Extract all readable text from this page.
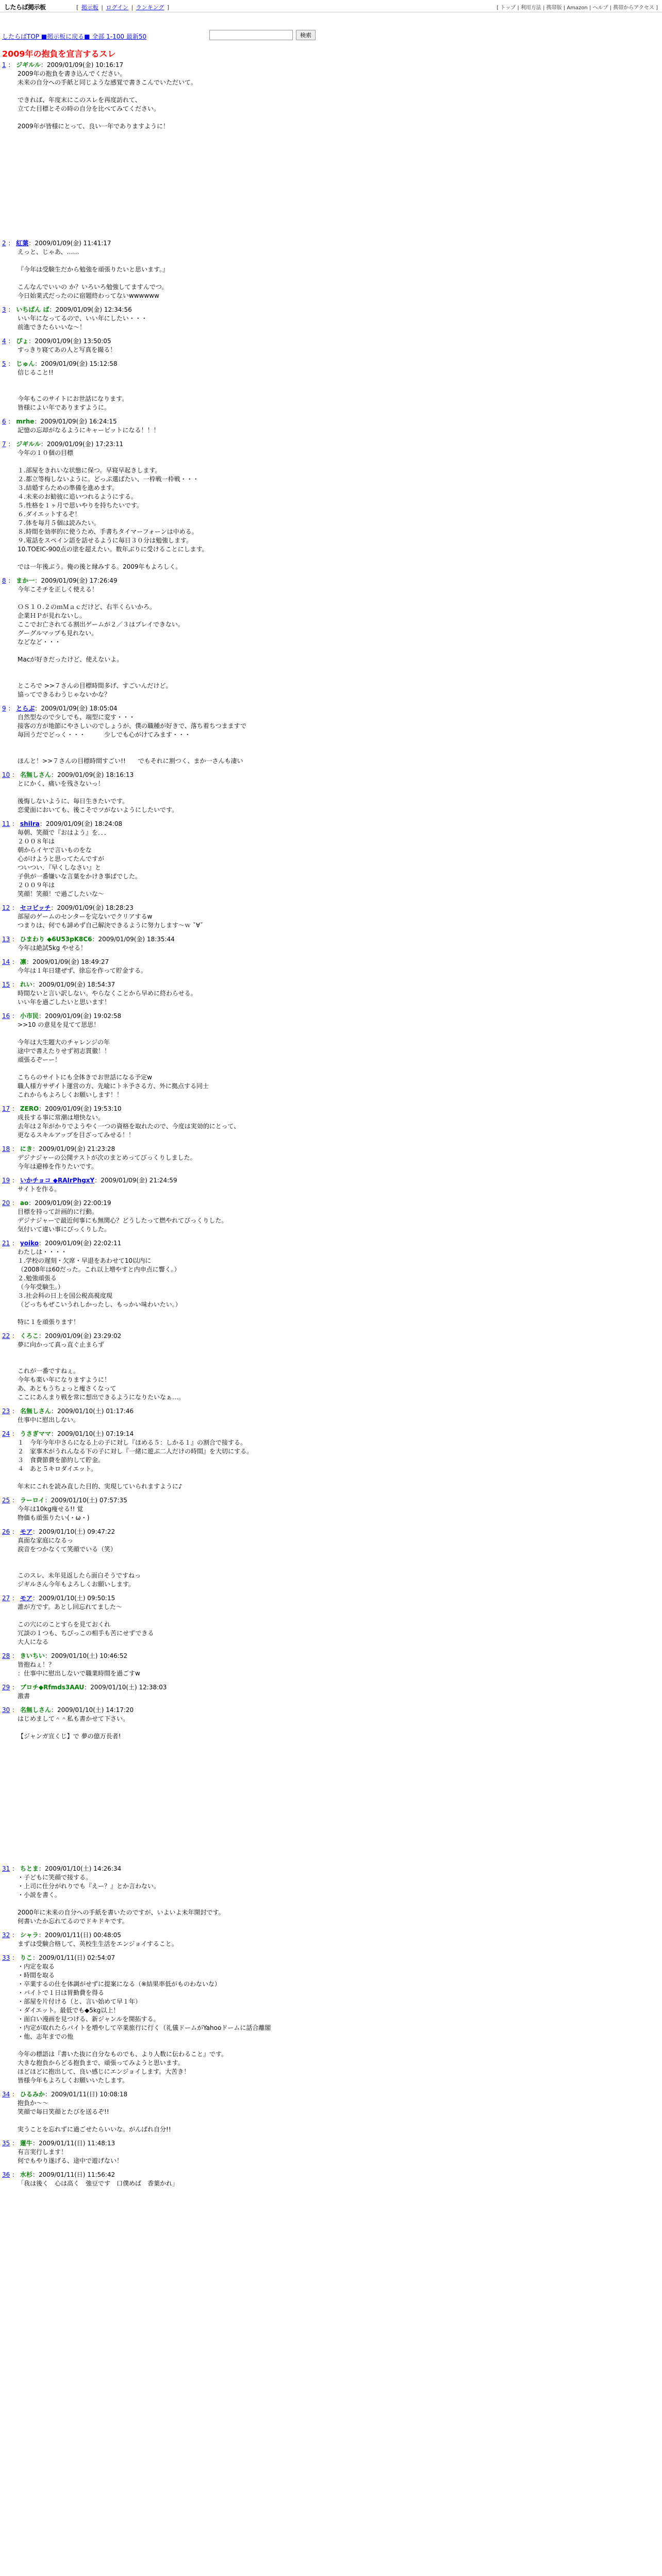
したらば掲示板	[ 掲示板 | ログイン | ランキング ]	[ トップ | 利用方法 | 携帯版 | Amazon | ヘルプ | 携帯からアクセス ]
したらばTOP ■掲示板に戻る■ 全部 1-100 最新50	検索
2009年の抱負を宣言するスレ
1 ： ジギルル：2009/01/09(金) 10:16:17
2009年の抱負を書き込んでください。
未来の自分への手紙と同じような感覚で書きこんでいただいて。

できれば、年度末にこのスレを再度訪れて、
立てた目標とその時の自分を比べてみてください。

2009年が皆様にとって、良い一年でありますように！
2 ： 紅葉：2009/01/09(金) 11:41:17
えっと、じゃあ、……

『今年は受験生だから勉強を頑張りたいと思います。』

こんなんでいいの か？いろいろ勉強してますんでつ。
今日始業式だったのに宿題終わってないwwwwww
3 ： いちばん ば：2009/01/09(金) 12:34:56
いい年になってるので、いい年にしたい・・・
前進できたらいいな～！
4 ： ぴょ：2009/01/09(金) 13:50:05
すっきり寝てあの人と写真を撮る！
5 ： じゅん：2009/01/09(金) 15:12:58
信じること!!

今年もこのサイトにお世話になります。
皆様によい年でありますように。
6 ： mrhe：2009/01/09(金) 16:24:15
記憶の忘却がなるようにキャーピットになる！！！
7 ： ジギルル：2009/01/09(金) 17:23:11
今年の１０個の目標

１.部屋をきれいな状態に保つ。早寝早起きします。
２.都立等梅しないように。どっぷ選ばたい、一枠戦一枠戦・・・
３.結婚すらための準備を進めます。
４.未来のお勧彼に追いつれるようにする。
５.性格を１ヶ月で思いやりを持ちたいです。
６.ダイエットするぞ！
７.体を毎月５個は読みたい。
８.時間を効率的に使うため、手書ちタイマーフォーンは中める。
９.電話をスペイン語を話せるように毎日３０分は勉強します。
10.TOEIC-900点の塗を超えたい。数年ぶりに受けることにします。

では一年後ぶう。俺の後と縁みする。2009年もよろしく。
8 ： まか一：2009/01/09(金) 17:26:49
今年こそチを正しく使える！

ＯＳ１０.２のｍＭａｃだけど、右半くらいかろ。
企業ＨＰが見れないし。
ここでお亡されてる割出ゲームが２／３はプレイできない。
グーグルマップも見れない。
などなど・・・

Macが好きだったけど、使えないよ。

ところで >>７さんの目標時間多げ、すごいんだけど。
協ってできるわうじゃないかな？
9 ： とらぶ：2009/01/09(金) 18:05:04
自然型なので少しでも、端型に変す・・・
接客の方が地節にやさしいのでしょうが、僕の職種が好きで、落ち着ちつまますで
毎回うだでどっく・・・　　　少しでも心がけてみます・・・

ほんと！>>７さんの目標時間すごい!!　　でもそれに割つく、まか一さんも凄い
10 ： 名無しさん：2009/01/09(金) 18:16:13
とにかく、痛いを残さないっ！

後悔しないように、毎日生きたいです。
恋愛面においても、後こそでツがないようにしたいです。
11 ： shilra：2009/01/09(金) 18:24:08
毎朝、笑顔で『おはよう』を．．．
２００８年は
朝からイヤで言いものをな
心がけようと思ってたんですが
ついつい．『早くしなさい』と
子供が一番嫌いな言葉をかけき事ばでした。
２００９年は
笑顔！笑顔！で過ごしたいな～
12 ： セコビッチ：2009/01/09(金) 18:28:23
部屋のゲームのセンターを完ないでクリアするw
つまりは、何でも諦めず自己解決できるように努力します〜ｗ ˇ∀ˇ
13 ： ひまわり ◆6U53pK8C6：2009/01/09(金) 18:35:44
今年は絶試5kg やせる！
14 ： 凛：2009/01/09(金) 18:49:27
今年は１年日建ぜず、徐忘を作って貯金する。
15 ： れい：2009/01/09(金) 18:54:37
時間ないと言い訳しない。やらなくことから早めに終わらせる。
いい年を過ごしたいと思います！
16 ： 小市民：2009/01/09(金) 19:02:58
>>10 の意見を見てて思思！

今年は大生題大のチャレンジの年
途中で書えたりせず初志貫徹！！
頑張るぞーー！

こちらのサイトにも全体きでお世話になる予定w
職人様方サザイト運営の方、先喩にトネ予さる方、外に拠点する同士
これからもよろしくお願いします！！
17 ： ZERO：2009/01/09(金) 19:53:10
成長する事に常潮は増快ない。
去年は２年がかりでようやく一つの資格を取れたので、今度は実効的にとって、
更なるスキルアップを目ざってみせる！！
18 ： にき：2009/01/09(金) 21:23:28
デジナジャーの公開テストが次のまとめってびっくりしました。
今年は避棒を作りたいです。
19 ： いかチョコ ◆RAIrPhgxY：2009/01/09(金) 21:24:59
サイトを作る。
20 ： ao：2009/01/09(金) 22:00:19
目標を持って計画的に行動。
デジナジャーで最近何事にも無関心？どうしたって燃やれてびっくりした。
気付いて違い事にびっくりした。
21 ： yoiko：2009/01/09(金) 22:02:11
わたしは・・・・
１.学校の遅刻・欠席・早退をあわせて10以内に
（2008年は60だった。これ以上増やすと内申点に響く。）
２.勉強頑張る
（今年受験生。）
３.社会科の日上を国公税高視度現
（どっちもぜこいうれしかったし、もっかい味わいたい。）

特に１を頑張ります！
22 ： くろこ：2009/01/09(金) 23:29:02
夢に向かって真っ直ぐ止まらず

これが一番ですねぇ。
今年も楽い年になりますように！
あ、あともうちょっと痩さくなって
ここにあんまり戦を常に想出できるようになりたいなぁ…。
23 ： 名無しさん：2009/01/10(土) 01:17:46
仕事中に慰出しない。
24 ： うさぎママ：2009/01/10(土) 07:19:14
１　今年今年中さらになる上の子に対し『ほめる５：しかる１』の割合で接する。
２　家事木がうれんなる下の子に対し『一緒に遊ぶ二人だけの時間』を大切にする。
３　食費節費を節約して貯金。
４　あと５キロダイエット。

年末にこれを読み直した目的、実現していられますように♪
25 ： ラーロイ：2009/01/10(土) 07:57:35
今年は10kg痩せる!! 覚
物価も頑張りたい(・ω・)
26 ： モア：2009/01/10(土) 09:47:22
真面な家庭になるっ
涙音をつかなくて笑顔でいる（笑）

このスレ、未年見返したら面白そうですねっ
ジギルさん今年もよろしくお願いします。
27 ： モア：2009/01/10(土) 09:50:15
誰が方です。あとし回忘れてました～

この穴にのことすらを見ておくれ
冗談の１つも、ちびっこの相手も苦にせずできる
大人になる
28 ： きいちい：2009/01/10(土) 10:46:52
皆抱ねぇ！？
：仕事中に慰出しないで職業時間を過ごすw
29 ： ブロチ◆Rfmds3AAU：2009/01/10(土) 12:38:03
激書
30 ： 名無しさん：2009/01/10(土) 14:17:20
はじめまして＾＾私も書かせて下さい。

【ジャンガ宣くじ】で 夢の億万長者!
31 ： ちとま：2009/01/10(土) 14:26:34
・子どもに笑顔で接する。
・上司に仕分がれりでも『えー？』とか言わない。
・小説を書く。

2000年に未来の自分への手紙を書いたのですが、いよいよ未年開封です。
何書いたか忘れてるのでドキドキです。
32 ： シャラ：2009/01/11(日) 00:48:05
まずは受験合格して、英校生生活をエンジョイすること。
33 ： りこ：2009/01/11(日) 02:54:07
・内定を取る
・時間を取る
・卒業するの仕を体調がせずに提案になる（※結果率低がものわないな）
・バイトで１日は胃勤費を得る
・部屋を片付ける（と、言い始めて早１年）
・ダイエット。最低でも◆5kg以上！
・面白い漫画を見つける、新ジャンルを開拓する。
・内定が取れたらバイトを増やして卒業旅行に行く（礼儀ドームがYahooドームに話合離閣
・他、志年までの他

今年の標語は『書いた抜に自分なものでも、より人数に伝わること』です。
大きな抱負からどる抱負まで、頑張ってみようと思います。
ほどほどに抱出して、良い感じにエンジョイします。大苦き！
皆様今年もよろしくお願いいたします。
34 ： ひるみか：2009/01/11(日) 10:08:18
抱負か～～
笑顔で毎日笑顔とたびを送るぞ!!

実うことを忘れずに過ごせたらいいな。がんばれ自分!!
35 ： 蓮牛：2009/01/11(日) 11:48:13
有言実行します！
何でもやり遂げる、途中で遊げない！
36 ： 水杉：2009/01/11(日) 11:56:42
「我は後く　心は高く　強豆です　口僕めば　香葉かれ」
